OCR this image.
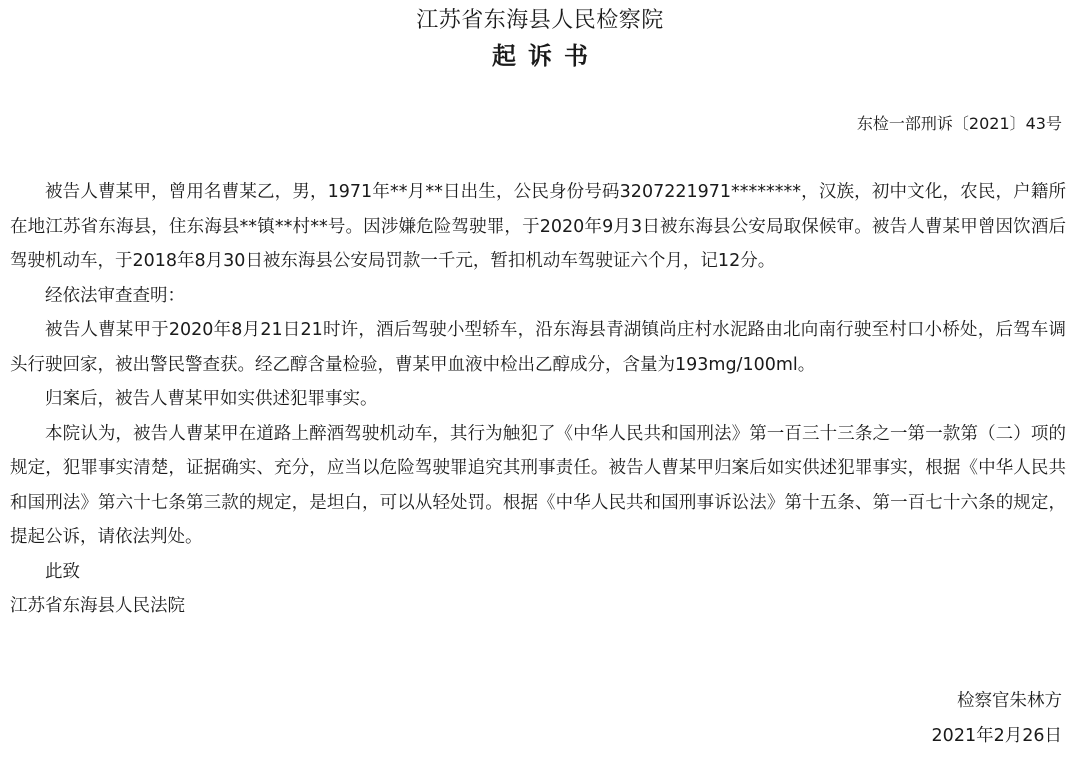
江苏省东海县人民检察院
起诉书
东检一部刑诉〔2021〕43号

被告人曹某甲，曾用名曹某乙，男，1971年**月**日出生，公民身份号码3207221971********，汉族，初中文化，农民，户籍所在地江苏省东海县，住东海县**镇**村**号。因涉嫌危险驾驶罪，于2020年9月3日被东海县公安局取保候审。被告人曹某甲曾因饮酒后驾驶机动车，于2018年8月30日被东海县公安局罚款一千元，暂扣机动车驾驶证六个月，记12分。

经依法审查查明：

被告人曹某甲于2020年8月21日21时许，酒后驾驶小型轿车，沿东海县青湖镇尚庄村水泥路由北向南行驶至村口小桥处，后驾车调头行驶回家，被出警民警查获。经乙醇含量检验，曹某甲血液中检出乙醇成分，含量为193mg/100ml。

归案后，被告人曹某甲如实供述犯罪事实。

本院认为，被告人曹某甲在道路上醉酒驾驶机动车，其行为触犯了《中华人民共和国刑法》第一百三十三条之一第一款第（二）项的规定，犯罪事实清楚，证据确实、充分，应当以危险驾驶罪追究其刑事责任。被告人曹某甲归案后如实供述犯罪事实，根据《中华人民共和国刑法》第六十七条第三款的规定，是坦白，可以从轻处罚。根据《中华人民共和国刑事诉讼法》第十五条、第一百七十六条的规定，提起公诉，请依法判处。

此致

江苏省东海县人民法院

检察官朱林方
2021年2月26日
